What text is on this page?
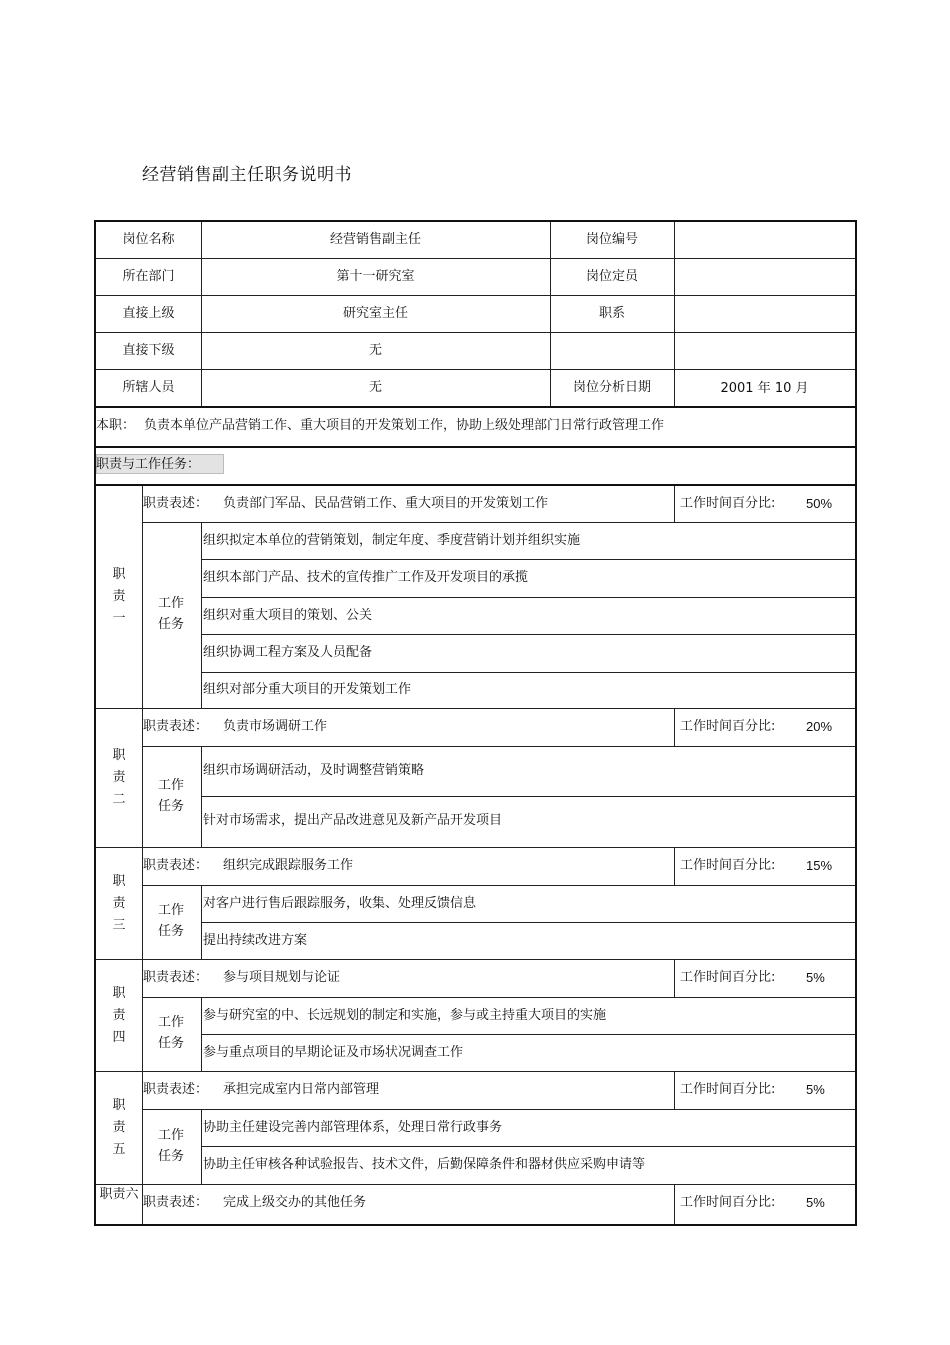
经营销售副主任职务说明书
岗位名称	经营销售副主任	岗位编号
所在部门	第十一研究室	岗位定员
直接上级	研究室主任	职系
直接下级	无
所辖人员	无	岗位分析日期	2001 年 10 月
本职： 负责本单位产品营销工作、重大项目的开发策划工作，协助上级处理部门日常行政管理工作
职责与工作任务：
职责一
职责表述： 负责部门军品、民品营销工作、重大项目的开发策划工作	工作时间百分比: 50%
工作任务
组织拟定本单位的营销策划，制定年度、季度营销计划并组织实施
组织本部门产品、技术的宣传推广工作及开发项目的承揽
组织对重大项目的策划、公关
组织协调工程方案及人员配备
组织对部分重大项目的开发策划工作
职责二
职责表述： 负责市场调研工作	工作时间百分比: 20%
工作任务
组织市场调研活动，及时调整营销策略
针对市场需求，提出产品改进意见及新产品开发项目
职责三
职责表述： 组织完成跟踪服务工作	工作时间百分比: 15%
工作任务
对客户进行售后跟踪服务，收集、处理反馈信息
提出持续改进方案
职责四
职责表述： 参与项目规划与论证	工作时间百分比: 5%
工作任务
参与研究室的中、长远规划的制定和实施，参与或主持重大项目的实施
参与重点项目的早期论证及市场状况调查工作
职责五
职责表述： 承担完成室内日常内部管理	工作时间百分比: 5%
工作任务
协助主任建设完善内部管理体系，处理日常行政事务
协助主任审核各种试验报告、技术文件，后勤保障条件和器材供应采购申请等
职责六
职责表述： 完成上级交办的其他任务	工作时间百分比: 5%
